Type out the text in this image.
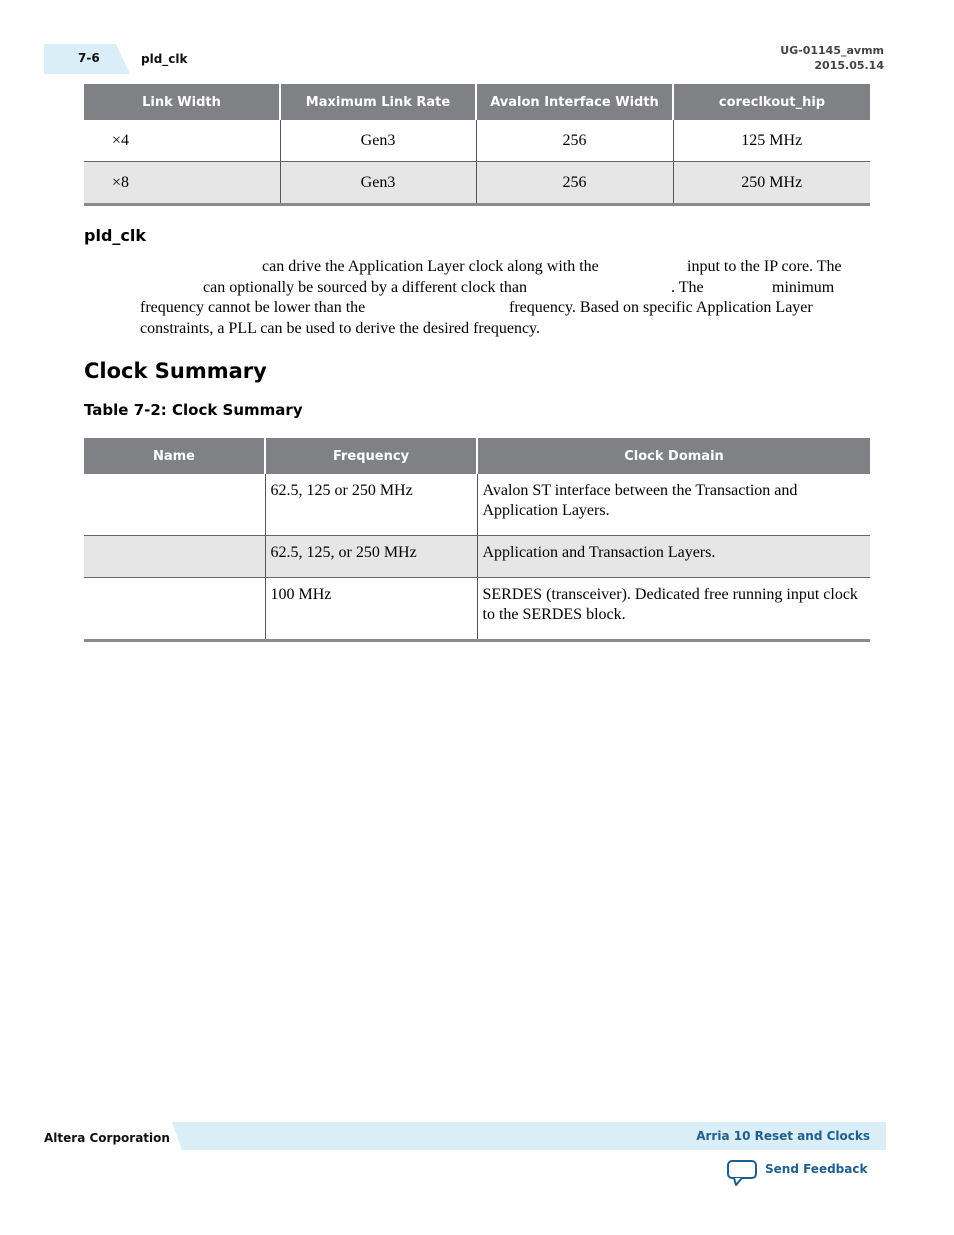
7-6	pld_clk
UG-01145_avmm
2015.05.14
Link Width	Maximum Link Rate	Avalon Interface Width	coreclkout_hip
×4	Gen3	256	125 MHz
×8	Gen3	256	250 MHz
pld_clk
can drive the Application Layer clock along with the	input to the IP core. The
can optionally be sourced by a different clock than	. The	minimum
frequency cannot be lower than the	frequency. Based on specific Application Layer
constraints, a PLL can be used to derive the desired frequency.
Clock Summary
Table 7-2: Clock Summary
Name	Frequency	Clock Domain
	62.5, 125 or 250 MHz	Avalon ST interface between the Transaction and Application Layers.
	62.5, 125, or 250 MHz	Application and Transaction Layers.
	100 MHz	SERDES (transceiver). Dedicated free running input clock to the SERDES block.
Altera Corporation	Arria 10 Reset and Clocks
Send Feedback
